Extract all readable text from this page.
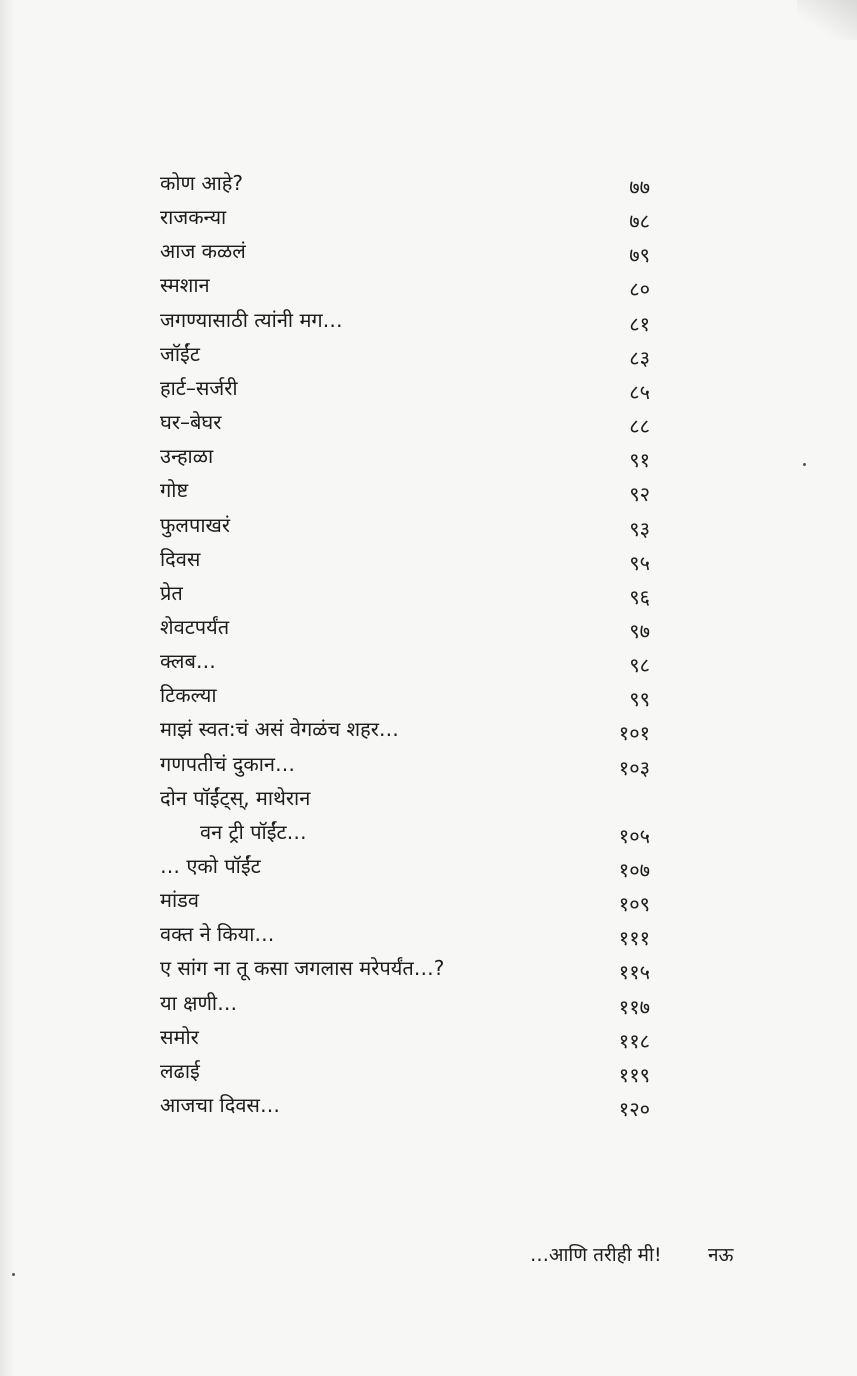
कोण आहे?	७७
राजकन्या	७८
आज कळलं	७९
स्मशान	८०
जगण्यासाठी त्यांनी मग…	८१
जॉईंट	८३
हार्ट–सर्जरी	८५
घर–बेघर	८८
उन्हाळा	९१
गोष्ट	९२
फुलपाखरं	९३
दिवस	९५
प्रेत	९६
शेवटपर्यंत	९७
क्लब…	९८
टिकल्या	९९
माझं स्वत:चं असं वेगळंच शहर…	१०१
गणपतीचं दुकान…	१०३
दोन पॉईंट्स्, माथेरान
वन ट्री पॉईंट…	१०५
… एको पॉईंट	१०७
मांडव	१०९
वक्त ने किया…	१११
ए सांग ना तू कसा जगलास मरेपर्यंत…?	११५
या क्षणी…	११७
समोर	११८
लढाई	११९
आजचा दिवस…	१२०
…आणि तरीही मी! नऊ
